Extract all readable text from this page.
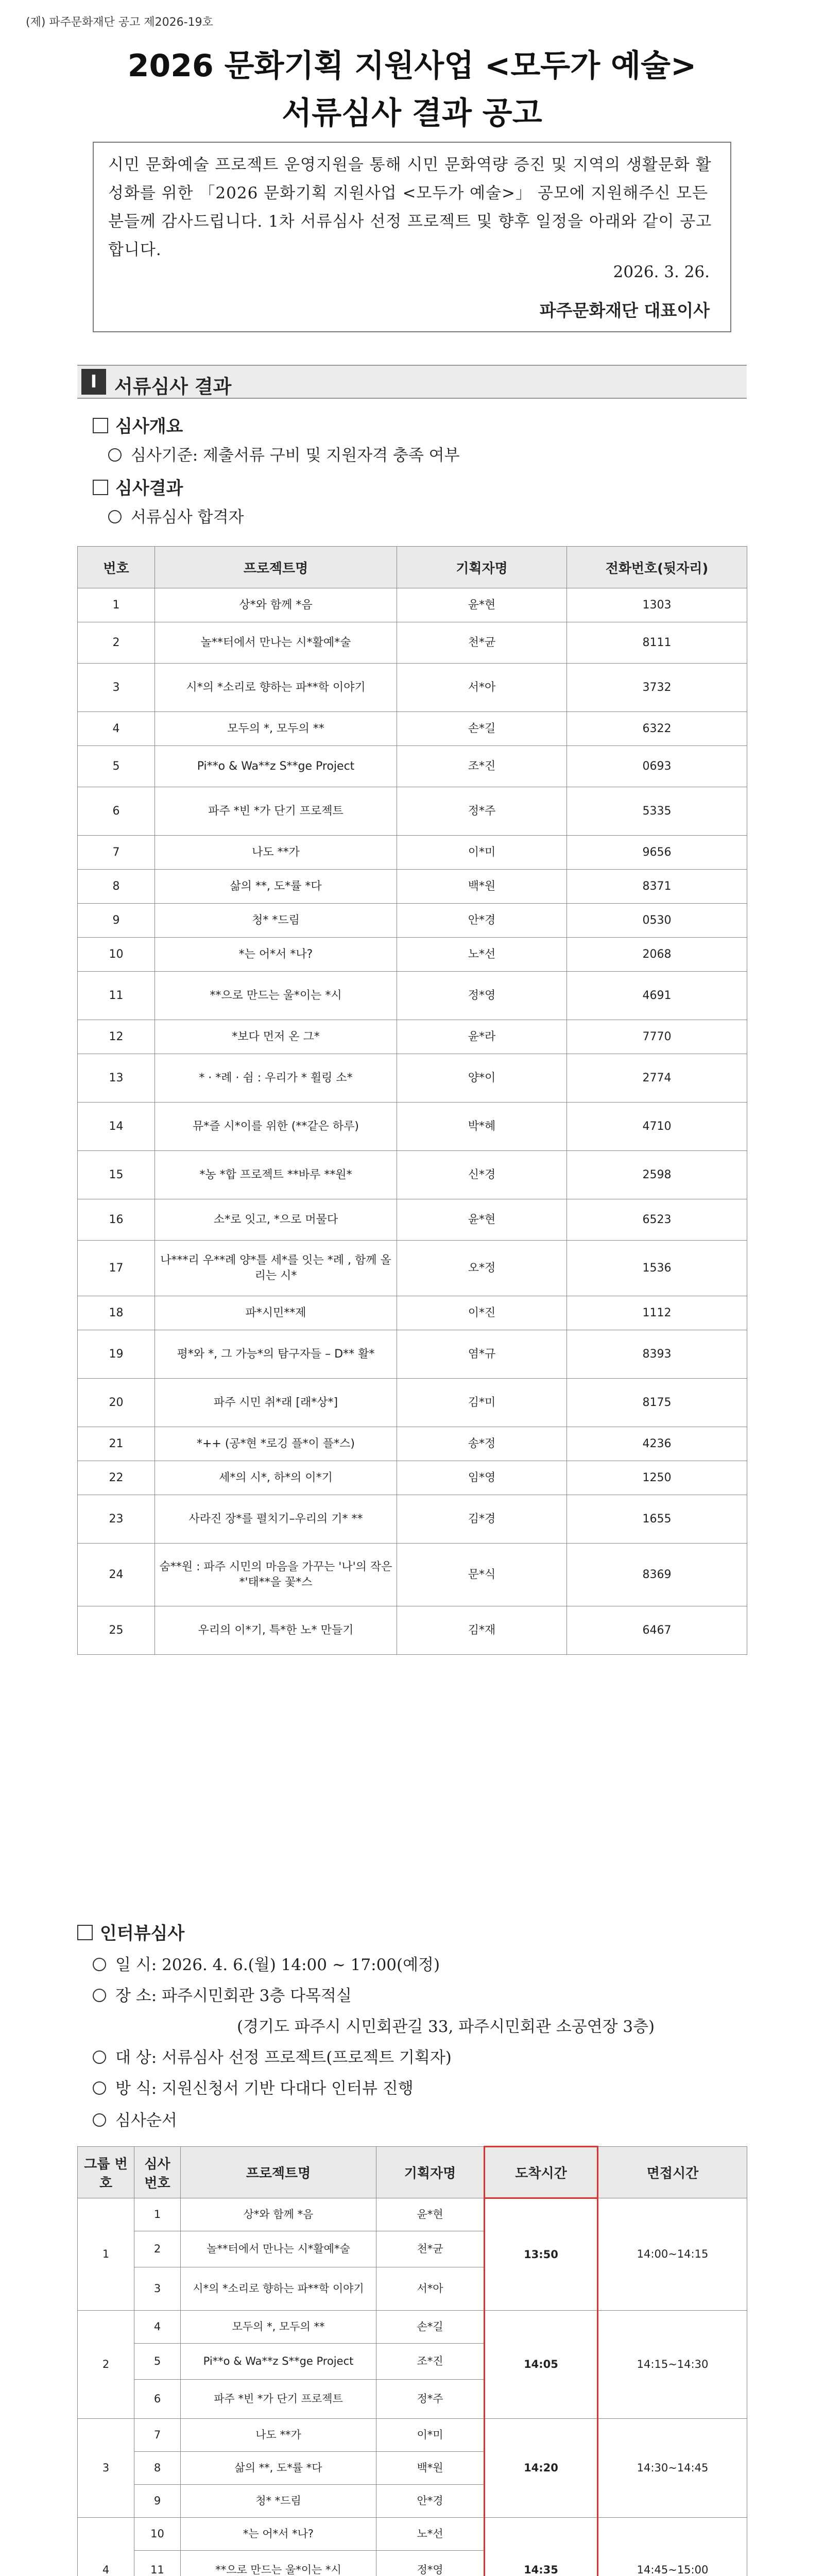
(제) 파주문화재단 공고 제2026-19호
2026 문화기획 지원사업 <모두가 예술>
서류심사 결과 공고
시민 문화예술 프로젝트 운영지원을 통해 시민 문화역량 증진 및 지역의 생활문화 활성화를 위한 「2026 문화기획 지원사업 <모두가 예술>」 공모에 지원해주신 모든 분들께 감사드립니다. 1차 서류심사 선정 프로젝트 및 향후 일정을 아래와 같이 공고합니다.
2026. 3. 26.
파주문화재단 대표이사
Ⅰ 서류심사 결과
심사개요
심사기준: 제출서류 구비 및 지원자격 충족 여부
심사결과
서류심사 합격자
번호	프로젝트명	기획자명	전화번호(뒷자리)
1	상*와 함께 *음	윤*현	1303
2	놀**터에서 만나는 시*활예*술	천*균	8111
3	시*의 *소리로 향하는 파**학 이야기	서*아	3732
4	모두의 *, 모두의 **	손*길	6322
5	Pi**o & Wa**z S**ge Project	조*진	0693
6	파주 *빈 *가 단기 프로젝트	정*주	5335
7	나도 **가	이*미	9656
8	삶의 **, 도*률 *다	백*원	8371
9	청* *드림	안*경	0530
10	*는 어*서 *나?	노*선	2068
11	**으로 만드는 울*이는 *시	정*영	4691
12	*보다 먼저 온 그*	윤*라	7770
13	* · *례 · 쉼 : 우리가 * 휠링 소*	양*이	2774
14	뮤*즐 시*이를 위한 (**같은 하루)	박*혜	4710
15	*농 *합 프로젝트 **바루 **원*	신*경	2598
16	소*로 잇고, *으로 머물다	윤*현	6523
17	나***리 우**례 양*틀 세*를 잇는 *례 , 함께 올리는 시*	오*정	1536
18	파*시민**제	이*진	1112
19	평*와 *, 그 가능*의 탐구자들 – D** 활*	염*규	8393
20	파주 시민 취*래 [래*상*]	김*미	8175
21	*++ (공*현 *로깅 플*이 플*스)	송*정	4236
22	세*의 시*, 하*의 이*기	임*영	1250
23	사라진 장*를 펼치기–우리의 기* **	김*경	1655
24	숨**원 : 파주 시민의 마음을 가꾸는 '나'의 작은 *'태**을 꽃*스	문*식	8369
25	우리의 이*기, 특*한 노* 만들기	김*재	6467
인터뷰심사
일 시: 2026. 4. 6.(월) 14:00 ~ 17:00(예정)
장 소: 파주시민회관 3층 다목적실
(경기도 파주시 시민회관길 33, 파주시민회관 소공연장 3층)
대 상: 서류심사 선정 프로젝트(프로젝트 기획자)
방 식: 지원신청서 기반 다대다 인터뷰 진행
심사순서
그룹 번호	심사 번호	프로젝트명	기획자명	도착시간	면접시간
1	1	상*와 함께 *음	윤*현	13:50	14:00~14:15
	2	놀**터에서 만나는 시*활예*술	천*균		
	3	시*의 *소리로 향하는 파**학 이야기	서*아		
2	4	모두의 *, 모두의 **	손*길	14:05	14:15~14:30
	5	Pi**o & Wa**z S**ge Project	조*진		
	6	파주 *빈 *가 단기 프로젝트	정*주		
3	7	나도 **가	이*미	14:20	14:30~14:45
	8	삶의 **, 도*률 *다	백*원		
	9	청* *드림	안*경		
4	10	*는 어*서 *나?	노*선	14:35	14:45~15:00
	11	**으로 만드는 울*이는 *시	정*영		
